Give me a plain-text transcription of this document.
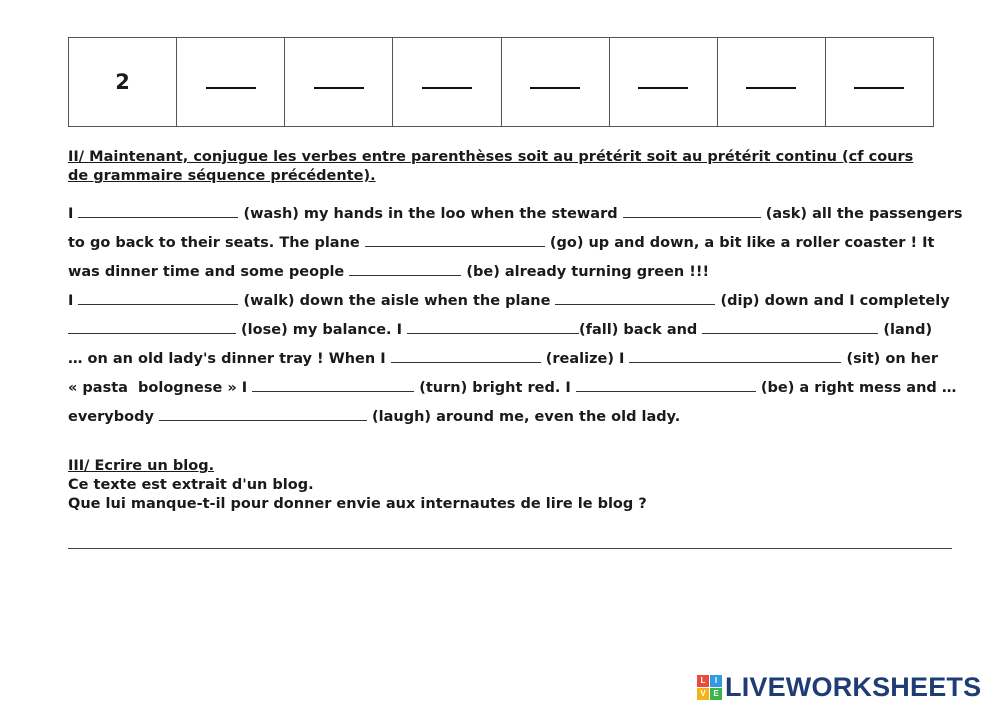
2							
II/ Maintenant, conjugue les verbes entre parenthèses soit au prétérit soit au prétérit continu (cf cours de grammaire séquence précédente).
I	(wash) my hands in the loo when the steward	(ask) all the passengers
to go back to their seats. The plane	(go) up and down, a bit like a roller coaster ! It
was dinner time and some people	(be) already turning green !!!
I	(walk) down the aisle when the plane	(dip) down and I completely
(lose) my balance. I	(fall) back and	(land)
… on an old lady's dinner tray ! When I	(realize) I	(sit) on her
« pasta  bolognese » I	(turn) bright red. I	(be) a right mess and …
everybody	(laugh) around me, even the old lady.
III/ Ecrire un blog.
Ce texte est extrait d'un blog.
Que lui manque-t-il pour donner envie aux internautes de lire le blog ?
L	I
V E LIVEWORKSHEETS
